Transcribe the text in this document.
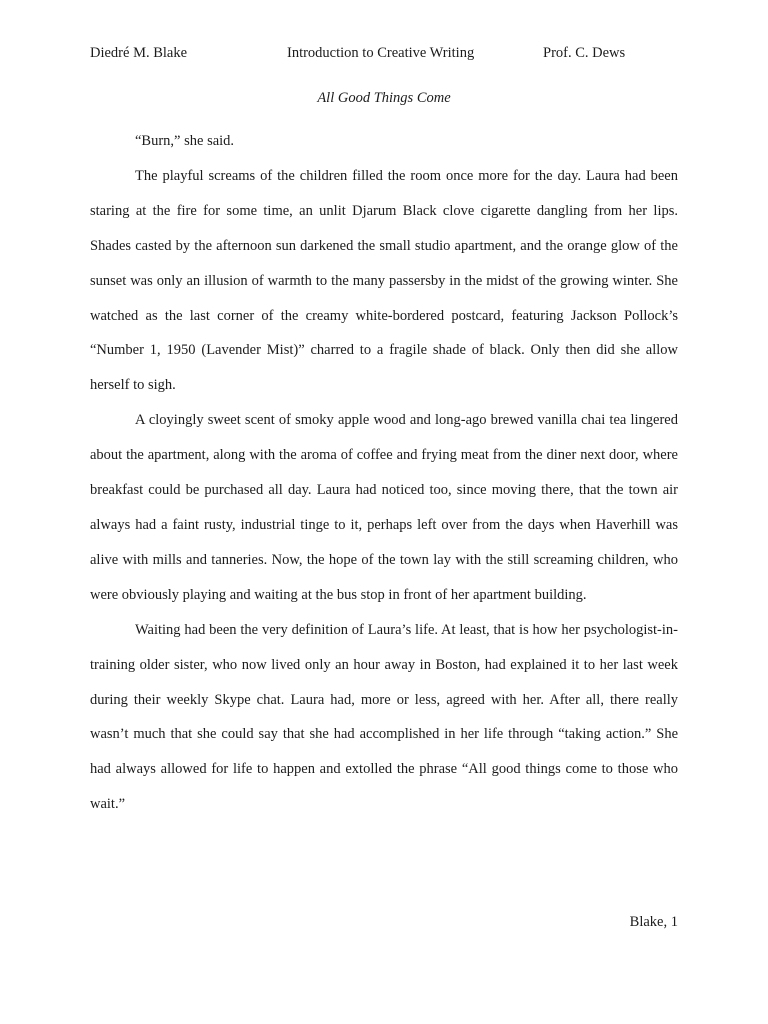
Diedré M. Blake	Introduction to Creative Writing	Prof. C. Dews
All Good Things Come

“Burn,” she said.

The playful screams of the children filled the room once more for the day. Laura had been staring at the fire for some time, an unlit Djarum Black clove cigarette dangling from her lips. Shades casted by the afternoon sun darkened the small studio apartment, and the orange glow of the sunset was only an illusion of warmth to the many passersby in the midst of the growing winter. She watched as the last corner of the creamy white-bordered postcard, featuring Jackson Pollock’s “Number 1, 1950 (Lavender Mist)” charred to a fragile shade of black. Only then did she allow herself to sigh.

A cloyingly sweet scent of smoky apple wood and long-ago brewed vanilla chai tea lingered about the apartment, along with the aroma of coffee and frying meat from the diner next door, where breakfast could be purchased all day. Laura had noticed too, since moving there, that the town air always had a faint rusty, industrial tinge to it, perhaps left over from the days when Haverhill was alive with mills and tanneries. Now, the hope of the town lay with the still screaming children, who were obviously playing and waiting at the bus stop in front of her apartment building.

Waiting had been the very definition of Laura’s life. At least, that is how her psychologist-in-training older sister, who now lived only an hour away in Boston, had explained it to her last week during their weekly Skype chat. Laura had, more or less, agreed with her. After all, there really wasn’t much that she could say that she had accomplished in her life through “taking action.” She had always allowed for life to happen and extolled the phrase “All good things come to those who wait.”

Blake, 1
